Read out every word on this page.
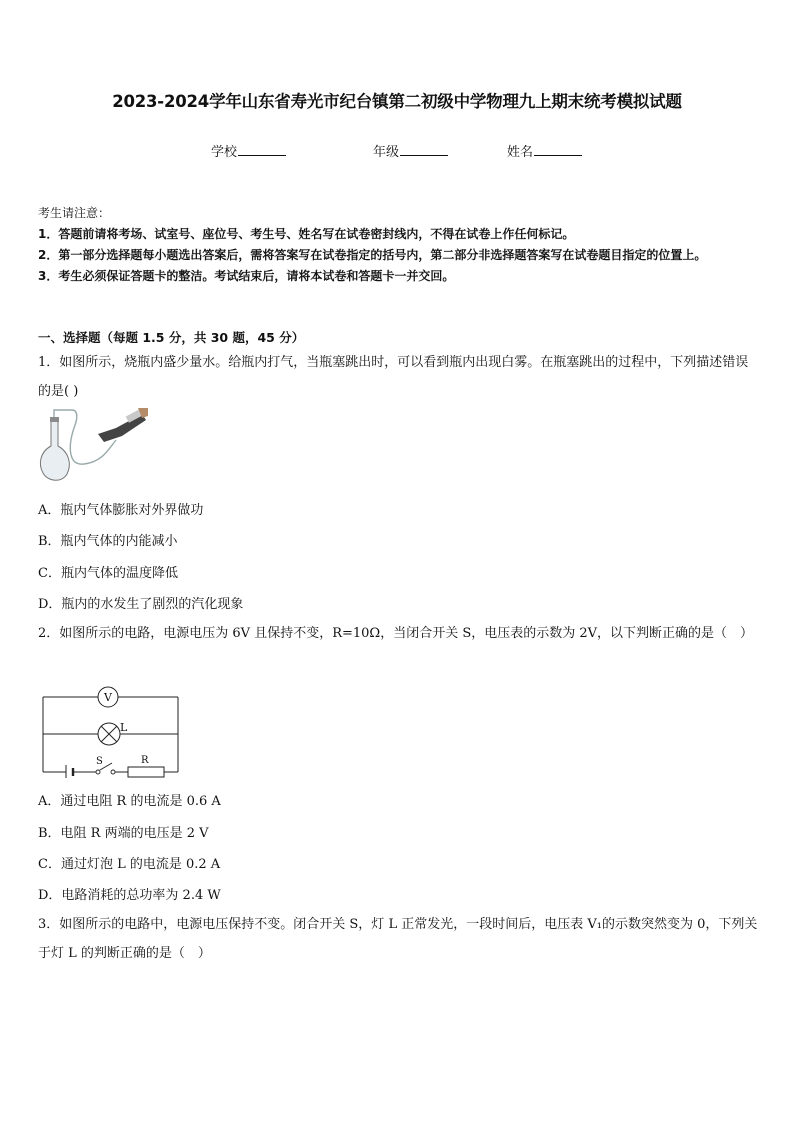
2023-2024学年山东省寿光市纪台镇第二初级中学物理九上期末统考模拟试题
学校	年级	姓名
考生请注意：
1．答题前请将考场、试室号、座位号、考生号、姓名写在试卷密封线内，不得在试卷上作任何标记。
2．第一部分选择题每小题选出答案后，需将答案写在试卷指定的括号内，第二部分非选择题答案写在试卷题目指定的位置上。
3．考生必须保证答题卡的整洁。考试结束后，请将本试卷和答题卡一并交回。
一、选择题（每题 1.5 分，共 30 题，45 分）
1．如图所示，烧瓶内盛少量水。给瓶内打气，当瓶塞跳出时，可以看到瓶内出现白雾。在瓶塞跳出的过程中，下列描述错误的是( )
A．瓶内气体膨胀对外界做功
B．瓶内气体的内能减小
C．瓶内气体的温度降低
D．瓶内的水发生了剧烈的汽化现象
2．如图所示的电路，电源电压为 6V 且保持不变，R=10Ω，当闭合开关 S，电压表的示数为 2V，以下判断正确的是（　）
V
L
S	R
A．通过电阻 R 的电流是 0.6 A
B．电阻 R 两端的电压是 2 V
C．通过灯泡 L 的电流是 0.2 A
D．电路消耗的总功率为 2.4 W
3．如图所示的电路中，电源电压保持不变。闭合开关 S，灯 L 正常发光，一段时间后，电压表 V₁的示数突然变为 0，下列关于灯 L 的判断正确的是（　）
